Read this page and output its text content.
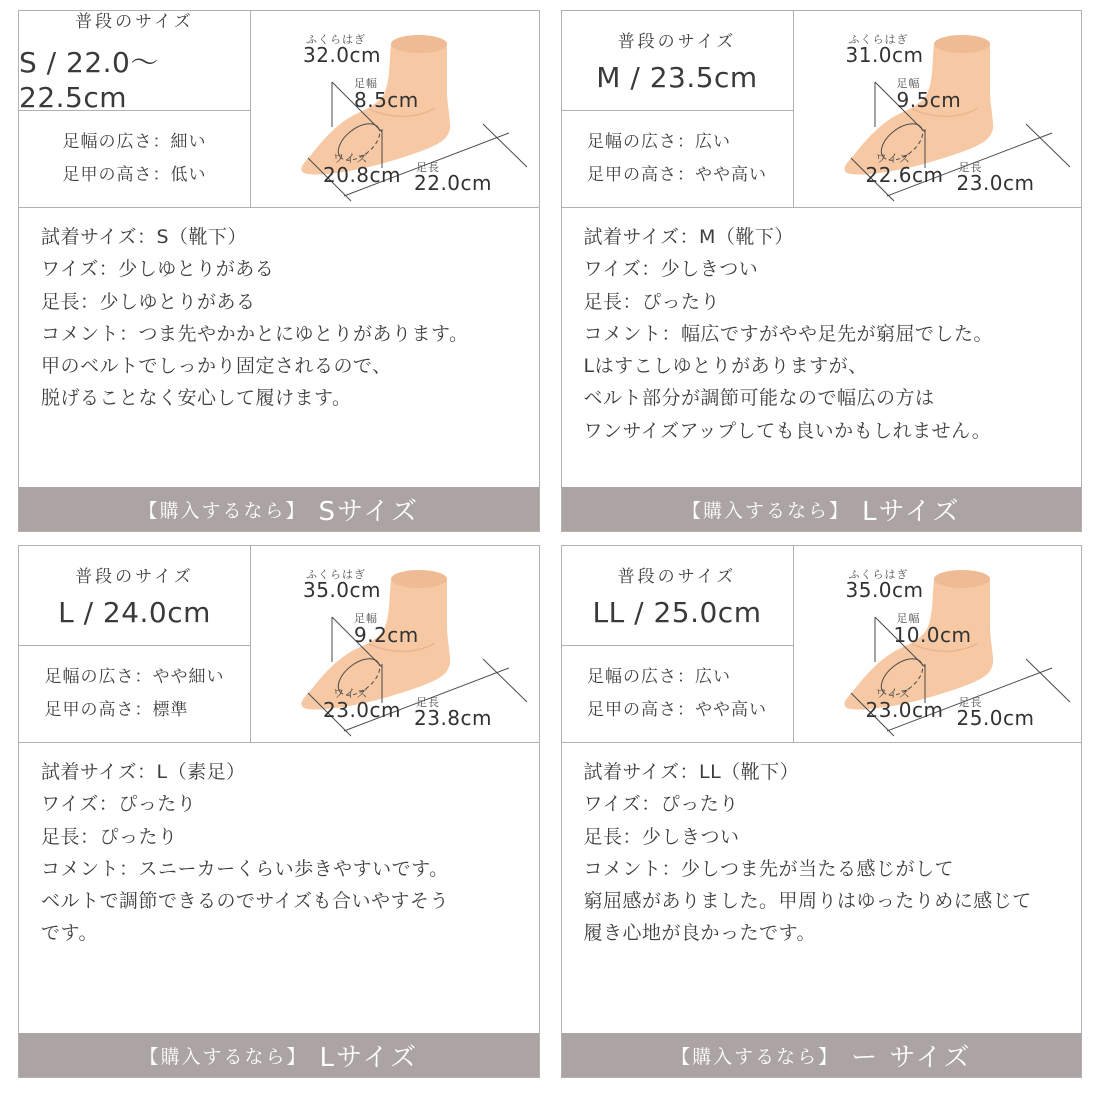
普段のサイズ
S / 22.0〜22.5cm
足幅の広さ：細い
足甲の高さ：低い
ふくらはぎ
32.0cm
足幅
8.5cm
ワイズ
20.8cm 足長
22.0cm
試着サイズ：S（靴下）
ワイズ：少しゆとりがある
足長：少しゆとりがある
コメント：つま先やかかとにゆとりがあります。
甲のベルトでしっかり固定されるので、
脱げることなく安心して履けます。
【購入するなら】 Sサイズ
普段のサイズ
M / 23.5cm
足幅の広さ：広い
足甲の高さ：やや高い
ふくらはぎ
31.0cm
足幅
9.5cm
ワイズ
22.6cm 足長
23.0cm
試着サイズ：M（靴下）
ワイズ：少しきつい
足長：ぴったり
コメント：幅広ですがやや足先が窮屈でした。
Lはすこしゆとりがありますが、
ベルト部分が調節可能なので幅広の方は
ワンサイズアップしても良いかもしれません。
【購入するなら】 Lサイズ
普段のサイズ
L / 24.0cm
足幅の広さ：やや細い
足甲の高さ：標準
ふくらはぎ
35.0cm
足幅
9.2cm
ワイズ
23.0cm 足長
23.8cm
試着サイズ：L（素足）
ワイズ：ぴったり
足長：ぴったり
コメント：スニーカーくらい歩きやすいです。
ベルトで調節できるのでサイズも合いやすそう
です。
【購入するなら】 Lサイズ
普段のサイズ
LL / 25.0cm
足幅の広さ：広い
足甲の高さ：やや高い
ふくらはぎ
35.0cm
足幅
10.0cm
ワイズ
23.0cm 足長
25.0cm
試着サイズ：LL（靴下）
ワイズ：ぴったり
足長：少しきつい
コメント：少しつま先が当たる感じがして
窮屈感がありました。甲周りはゆったりめに感じて
履き心地が良かったです。
【購入するなら】 ー サイズ
